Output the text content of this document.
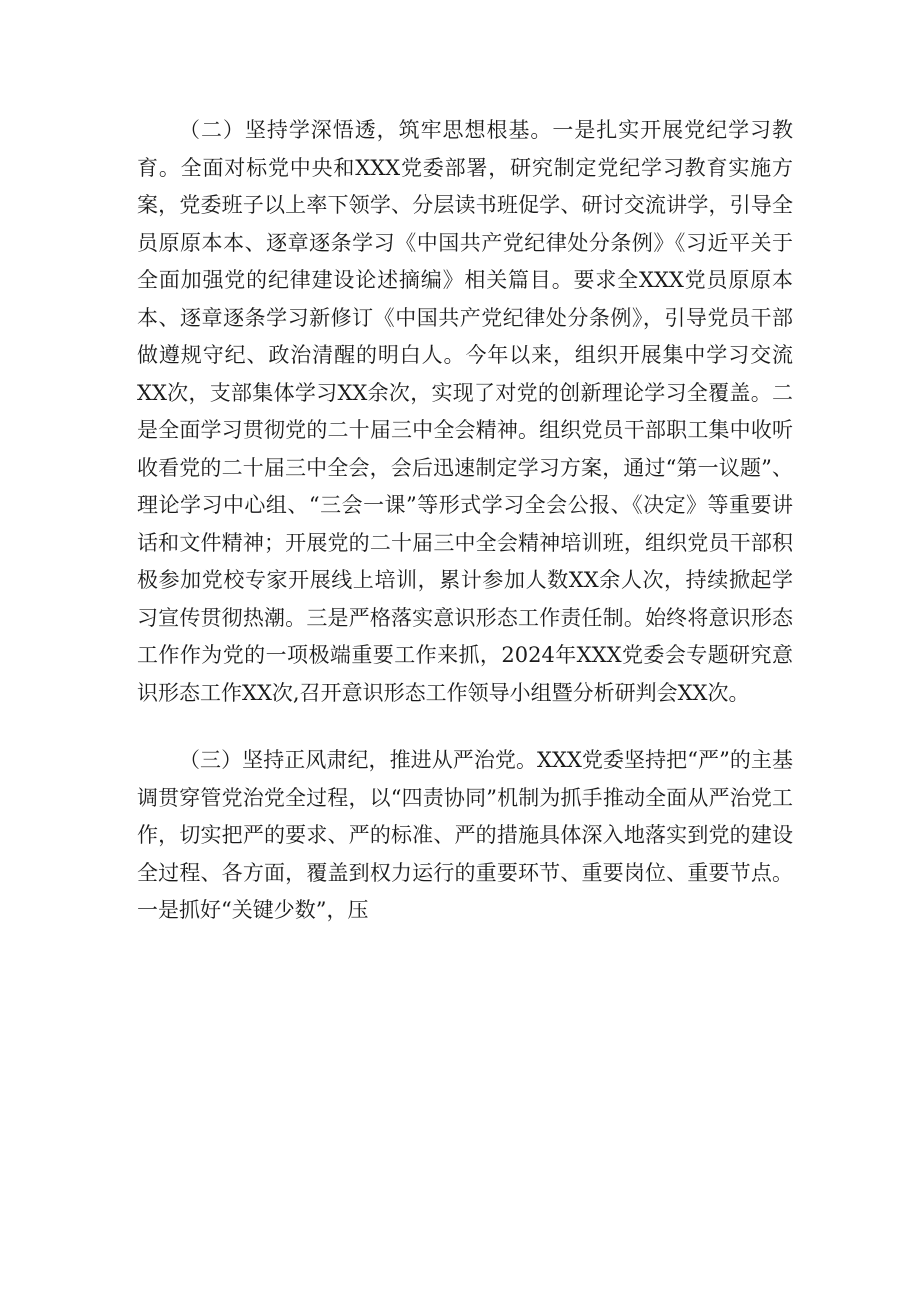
（二）坚持学深悟透，筑牢思想根基。一是扎实开展党纪学习教育。全面对标党中央和XXX党委部署，研究制定党纪学习教育实施方案，党委班子以上率下领学、分层读书班促学、研讨交流讲学，引导全员原原本本、逐章逐条学习《中国共产党纪律处分条例》《习近平关于全面加强党的纪律建设论述摘编》相关篇目。要求全XXX党员原原本本、逐章逐条学习新修订《中国共产党纪律处分条例》，引导党员干部做遵规守纪、政治清醒的明白人。今年以来，组织开展集中学习交流XX次，支部集体学习XX余次，实现了对党的创新理论学习全覆盖。二是全面学习贯彻党的二十届三中全会精神。组织党员干部职工集中收听收看党的二十届三中全会，会后迅速制定学习方案，通过“第一议题”、理论学习中心组、“三会一课”等形式学习全会公报、《决定》等重要讲话和文件精神；开展党的二十届三中全会精神培训班，组织党员干部积极参加党校专家开展线上培训，累计参加人数XX余人次，持续掀起学习宣传贯彻热潮。三是严格落实意识形态工作责任制。始终将意识形态工作作为党的一项极端重要工作来抓，2024年XXX党委会专题研究意识形态工作XX次,召开意识形态工作领导小组暨分析研判会XX次。

（三）坚持正风肃纪，推进从严治党。XXX党委坚持把“严”的主基调贯穿管党治党全过程，以“四责协同”机制为抓手推动全面从严治党工作，切实把严的要求、严的标准、严的措施具体深入地落实到党的建设全过程、各方面，覆盖到权力运行的重要环节、重要岗位、重要节点。一是抓好“关键少数”，压
